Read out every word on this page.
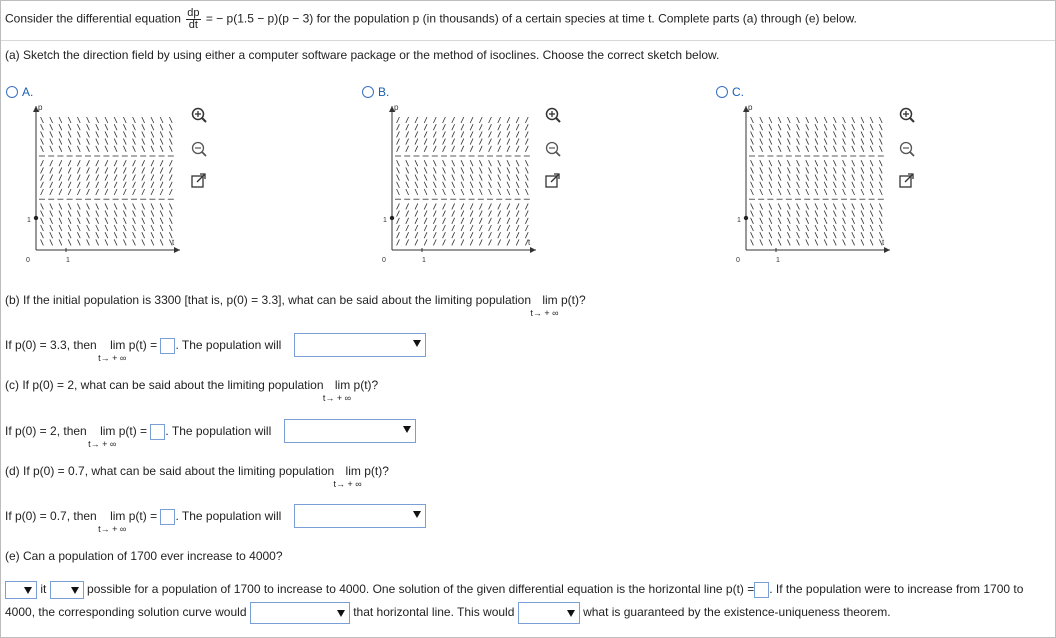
Consider the differential equation $\frac{dp}{dt}$ = − p(1.5 − p)(p − 3) for the population p (in thousands) of a certain species at time t. Complete parts (a) through (e) below.
(a) Sketch the direction field by using either a computer software package or the method of isoclines. Choose the correct sketch below.
A.	B.	C.
p
t
0	1
1
p
t
0	1
1
p
t
0	1
1
(b) If the initial population is 3300 [that is, p(0) = 3.3], what can be said about the limiting population lim p(t)?
t→ + ∞
If p(0) = 3.3, then lim p(t) =
t→ + ∞
. The population will
(c) If p(0) = 2, what can be said about the limiting population lim p(t)?
t→ + ∞
If p(0) = 2, then lim p(t) =
t→ + ∞
. The population will
(d) If p(0) = 0.7, what can be said about the limiting population lim p(t)?
t→ + ∞
If p(0) = 0.7, then lim p(t) =
t→ + ∞
. The population will
(e) Can a population of 1700 ever increase to 4000?
it	possible for a population of 1700 to increase to 4000. One solution of the given differential equation is the horizontal line p(t) = . If the population were to increase from 1700 to
4000, the corresponding solution curve would	that horizontal line. This would	what is guaranteed by the existence-uniqueness theorem.
